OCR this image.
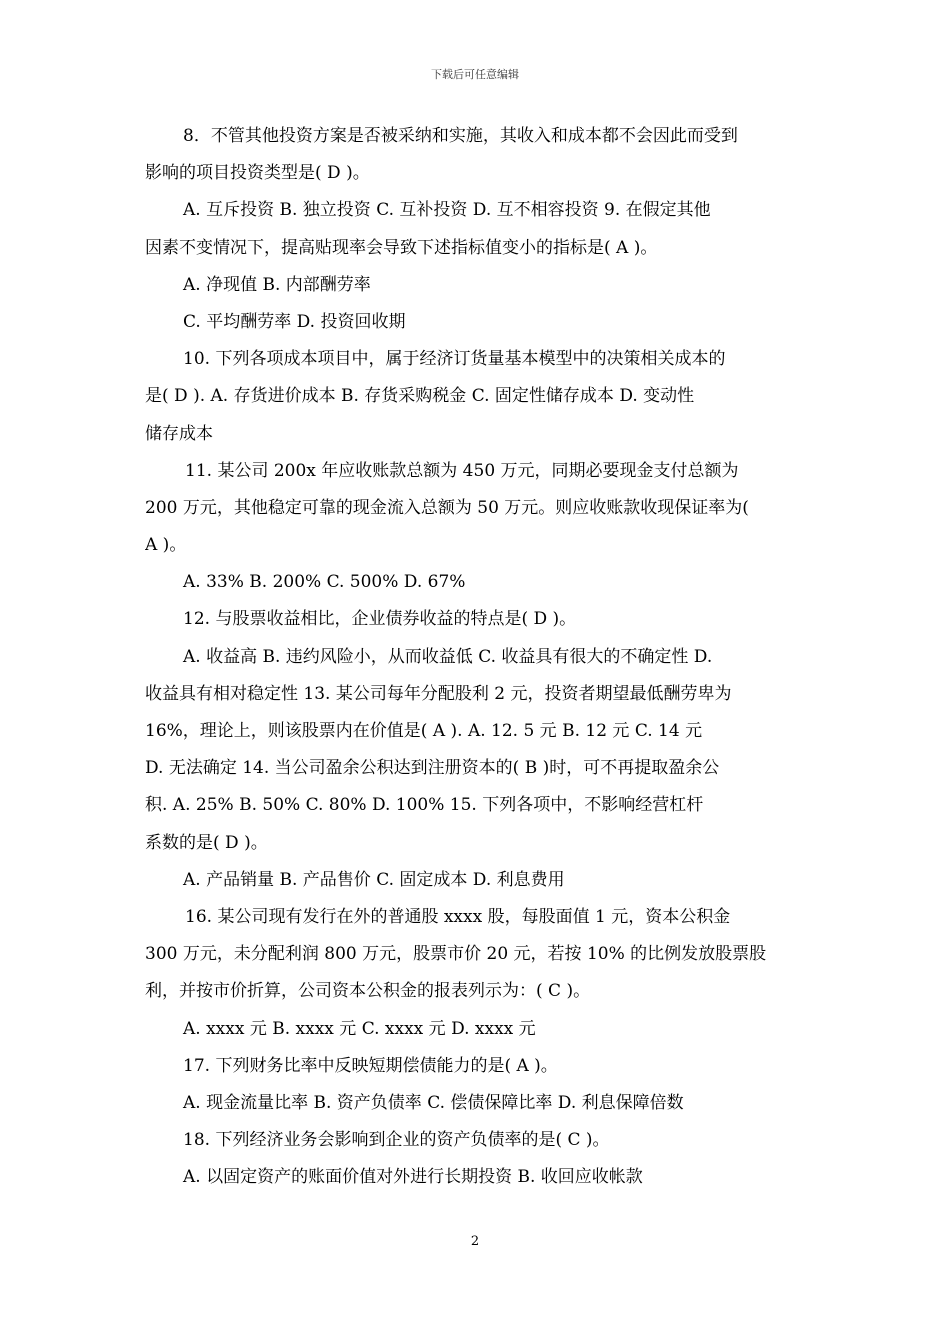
下载后可任意编辑
8．不管其他投资方案是否被采纳和实施，其收入和成本都不会因此而受到
影响的项目投资类型是( D )。
A. 互斥投资 B. 独立投资 C. 互补投资 D. 互不相容投资 9. 在假定其他
因素不变情况下，提高贴现率会导致下述指标值变小的指标是( A )。
A. 净现值 B. 内部酬劳率
C. 平均酬劳率 D. 投资回收期
10. 下列各项成本项目中，属于经济订货量基本模型中的决策相关成本的
是( D ). A. 存货进价成本 B. 存货采购税金 C. 固定性储存成本 D. 变动性
储存成本
11. 某公司 200x 年应收账款总额为 450 万元，同期必要现金支付总额为
200 万元，其他稳定可靠的现金流入总额为 50 万元。则应收账款收现保证率为(
A )。
A. 33% B. 200% C. 500% D. 67%
12. 与股票收益相比，企业债券收益的特点是( D )。
A. 收益高 B. 违约风险小，从而收益低 C. 收益具有很大的不确定性 D.
收益具有相对稳定性 13. 某公司每年分配股利 2 元，投资者期望最低酬劳卑为
16%，理论上，则该股票内在价值是( A ). A. 12. 5 元 B. 12 元 C. 14 元
D. 无法确定 14. 当公司盈余公积达到注册资本的( B )时，可不再提取盈余公
积. A. 25% B. 50% C. 80% D. 100% 15. 下列各项中，不影响经营杠杆
系数的是( D )。
A. 产品销量 B. 产品售价 C. 固定成本 D. 利息费用
16. 某公司现有发行在外的普通股 xxxx 股，每股面值 1 元，资本公积金
300 万元，未分配利润 800 万元，股票市价 20 元，若按 10% 的比例发放股票股
利，并按市价折算，公司资本公积金的报表列示为：( C )。
A. xxxx 元 B. xxxx 元 C. xxxx 元 D. xxxx 元
17. 下列财务比率中反映短期偿债能力的是( A )。
A. 现金流量比率 B. 资产负债率 C. 偿债保障比率 D. 利息保障倍数
18. 下列经济业务会影响到企业的资产负债率的是( C )。
A. 以固定资产的账面价值对外进行长期投资 B. 收回应收帐款
2
